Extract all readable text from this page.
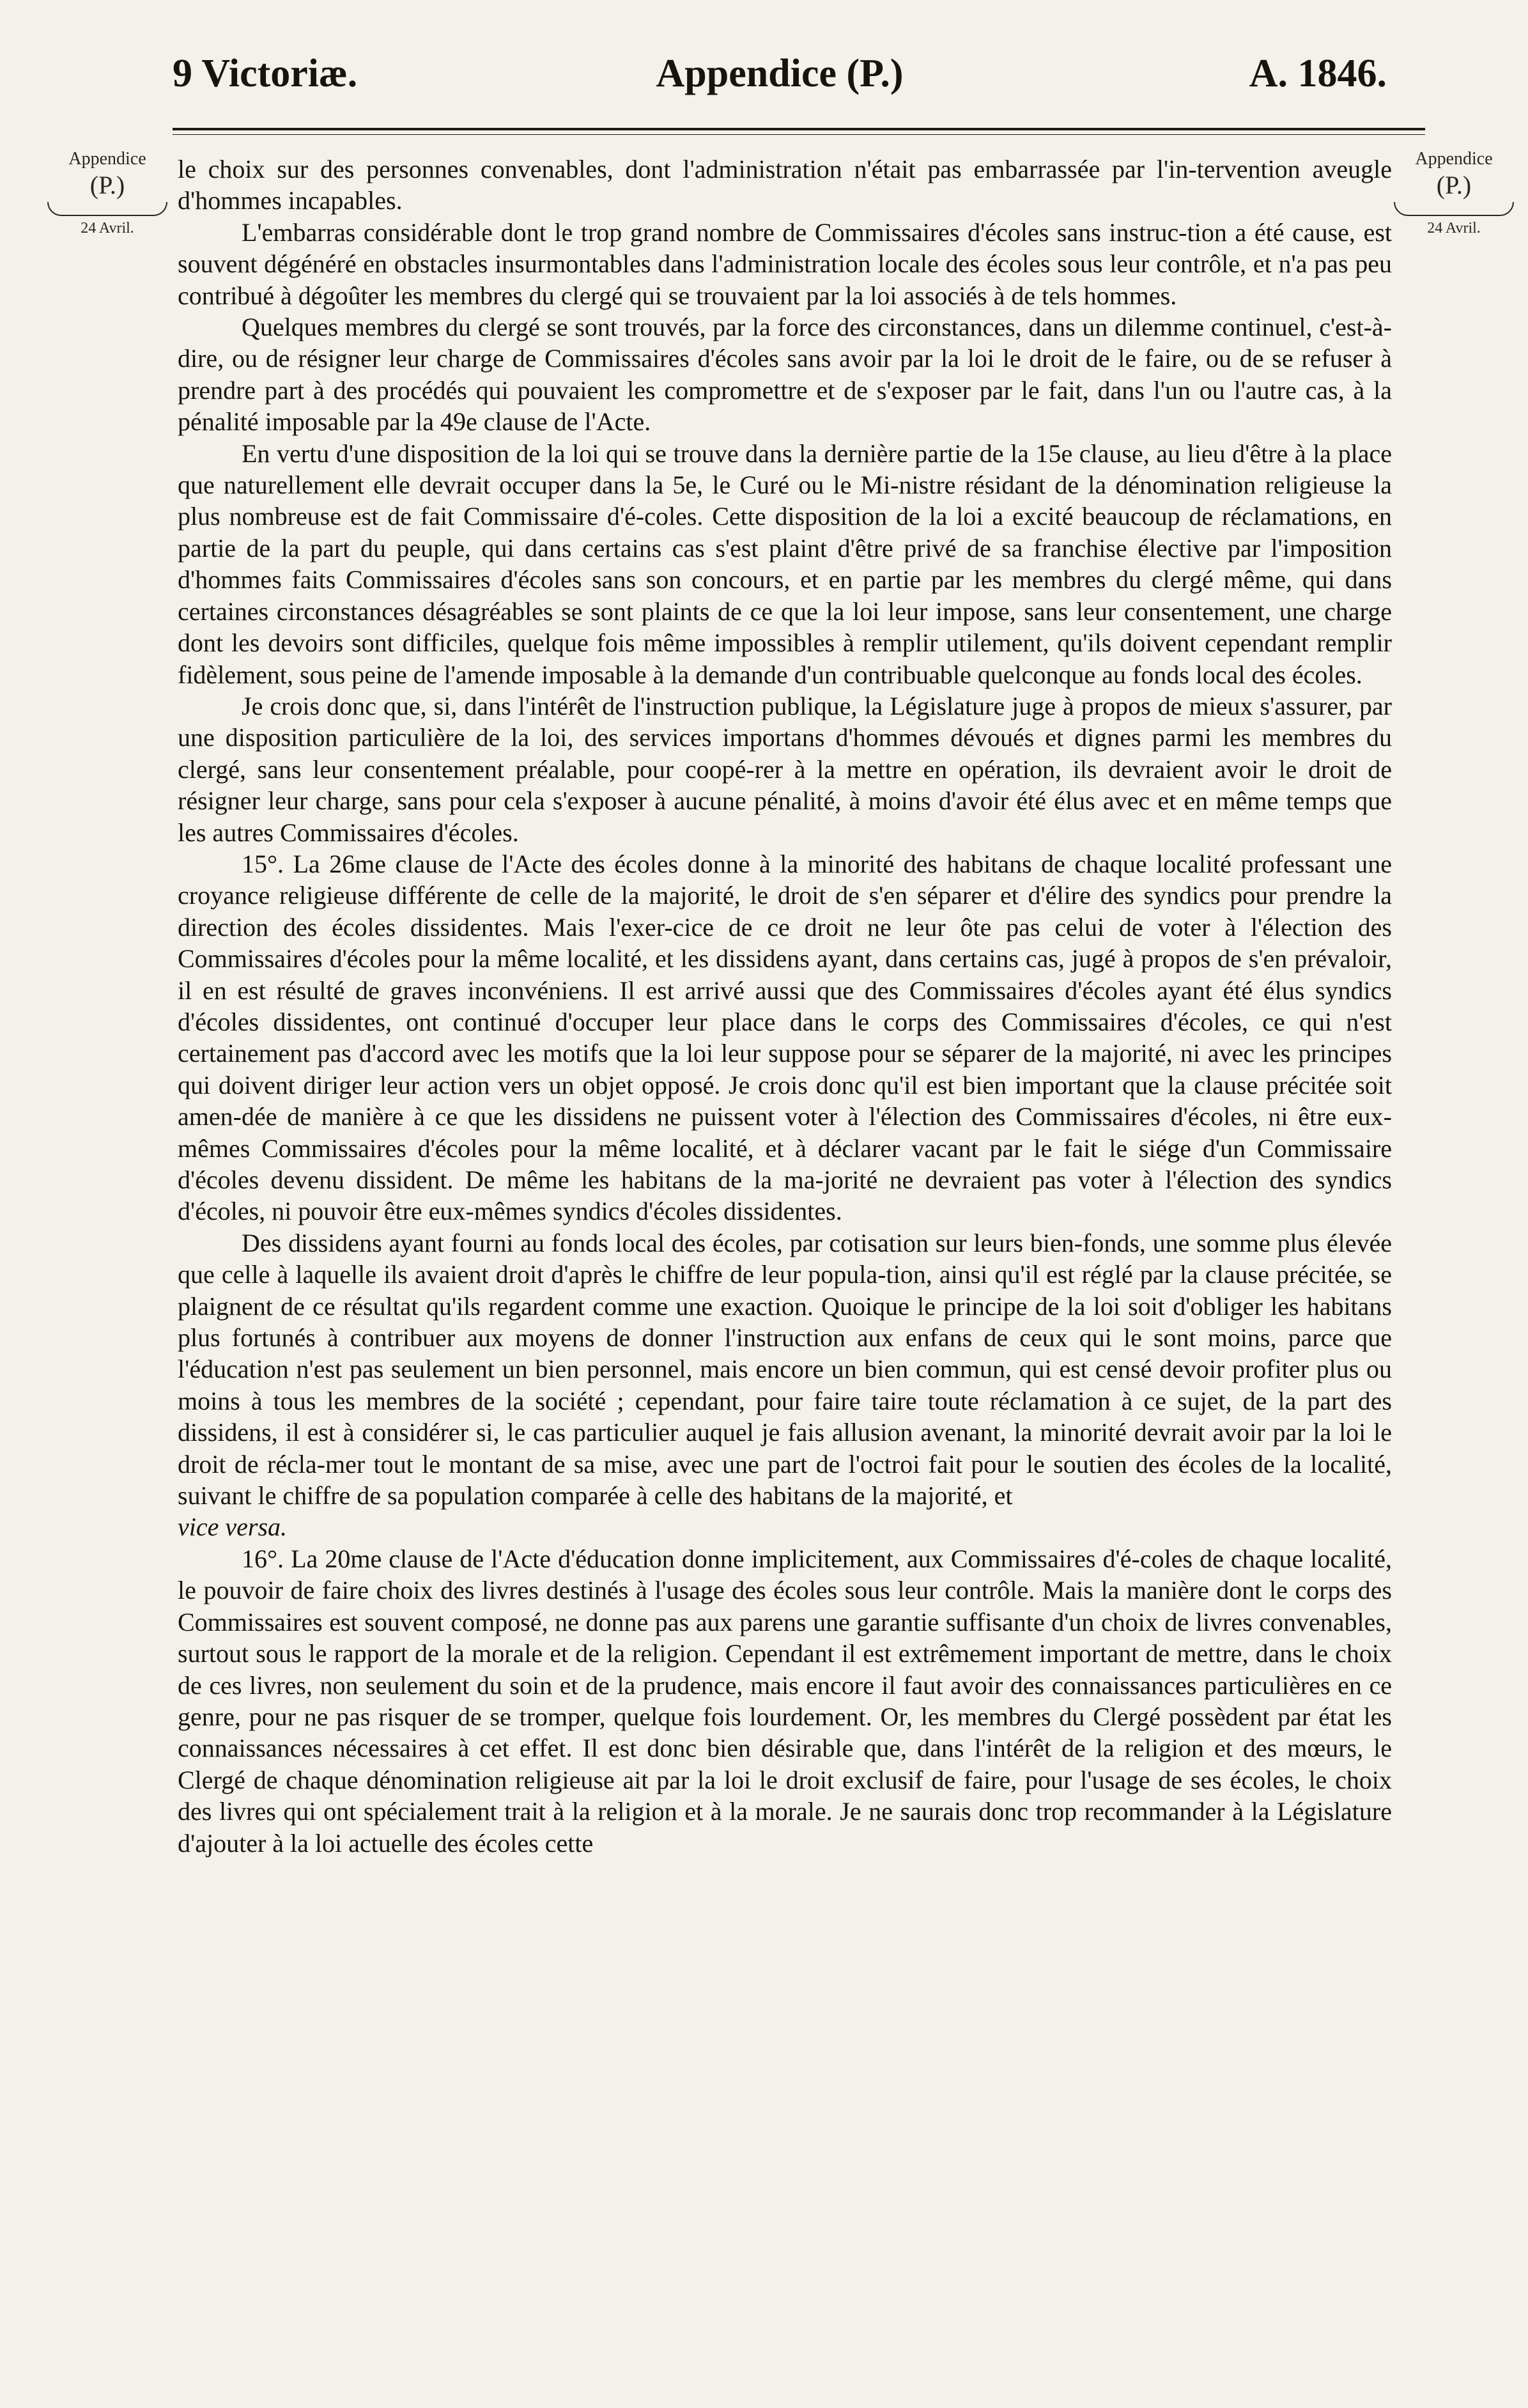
9 Victoriæ.	Appendice (P.)	A. 1846.
Appendice
(P.)
24 Avril.
Appendice
(P.)
24 Avril.

le choix sur des personnes convenables, dont l'administration n'était pas embarrassée par l'in-tervention aveugle d'hommes incapables.

L'embarras considérable dont le trop grand nombre de Commissaires d'écoles sans instruc-tion a été cause, est souvent dégénéré en obstacles insurmontables dans l'administration locale des écoles sous leur contrôle, et n'a pas peu contribué à dégoûter les membres du clergé qui se trouvaient par la loi associés à de tels hommes.

Quelques membres du clergé se sont trouvés, par la force des circonstances, dans un dilemme continuel, c'est-à-dire, ou de résigner leur charge de Commissaires d'écoles sans avoir par la loi le droit de le faire, ou de se refuser à prendre part à des procédés qui pouvaient les compromettre et de s'exposer par le fait, dans l'un ou l'autre cas, à la pénalité imposable par la 49e clause de l'Acte.

En vertu d'une disposition de la loi qui se trouve dans la dernière partie de la 15e clause, au lieu d'être à la place que naturellement elle devrait occuper dans la 5e, le Curé ou le Mi-nistre résidant de la dénomination religieuse la plus nombreuse est de fait Commissaire d'é-coles. Cette disposition de la loi a excité beaucoup de réclamations, en partie de la part du peuple, qui dans certains cas s'est plaint d'être privé de sa franchise élective par l'imposition d'hommes faits Commissaires d'écoles sans son concours, et en partie par les membres du clergé même, qui dans certaines circonstances désagréables se sont plaints de ce que la loi leur impose, sans leur consentement, une charge dont les devoirs sont difficiles, quelque fois même impossibles à remplir utilement, qu'ils doivent cependant remplir fidèlement, sous peine de l'amende imposable à la demande d'un contribuable quelconque au fonds local des écoles.

Je crois donc que, si, dans l'intérêt de l'instruction publique, la Législature juge à propos de mieux s'assurer, par une disposition particulière de la loi, des services importans d'hommes dévoués et dignes parmi les membres du clergé, sans leur consentement préalable, pour coopé-rer à la mettre en opération, ils devraient avoir le droit de résigner leur charge, sans pour cela s'exposer à aucune pénalité, à moins d'avoir été élus avec et en même temps que les autres Commissaires d'écoles.

15°. La 26me clause de l'Acte des écoles donne à la minorité des habitans de chaque localité professant une croyance religieuse différente de celle de la majorité, le droit de s'en séparer et d'élire des syndics pour prendre la direction des écoles dissidentes. Mais l'exer-cice de ce droit ne leur ôte pas celui de voter à l'élection des Commissaires d'écoles pour la même localité, et les dissidens ayant, dans certains cas, jugé à propos de s'en prévaloir, il en est résulté de graves inconvéniens. Il est arrivé aussi que des Commissaires d'écoles ayant été élus syndics d'écoles dissidentes, ont continué d'occuper leur place dans le corps des Commissaires d'écoles, ce qui n'est certainement pas d'accord avec les motifs que la loi leur suppose pour se séparer de la majorité, ni avec les principes qui doivent diriger leur action vers un objet opposé. Je crois donc qu'il est bien important que la clause précitée soit amen-dée de manière à ce que les dissidens ne puissent voter à l'élection des Commissaires d'écoles, ni être eux-mêmes Commissaires d'écoles pour la même localité, et à déclarer vacant par le fait le siége d'un Commissaire d'écoles devenu dissident. De même les habitans de la ma-jorité ne devraient pas voter à l'élection des syndics d'écoles, ni pouvoir être eux-mêmes syndics d'écoles dissidentes.

Des dissidens ayant fourni au fonds local des écoles, par cotisation sur leurs bien-fonds, une somme plus élevée que celle à laquelle ils avaient droit d'après le chiffre de leur popula-tion, ainsi qu'il est réglé par la clause précitée, se plaignent de ce résultat qu'ils regardent comme une exaction. Quoique le principe de la loi soit d'obliger les habitans plus fortunés à contribuer aux moyens de donner l'instruction aux enfans de ceux qui le sont moins, parce que l'éducation n'est pas seulement un bien personnel, mais encore un bien commun, qui est censé devoir profiter plus ou moins à tous les membres de la société ; cependant, pour faire taire toute réclamation à ce sujet, de la part des dissidens, il est à considérer si, le cas particulier auquel je fais allusion avenant, la minorité devrait avoir par la loi le droit de récla-mer tout le montant de sa mise, avec une part de l'octroi fait pour le soutien des écoles de la localité, suivant le chiffre de sa population comparée à celle des habitans de la majorité, et

vice versa.

16°. La 20me clause de l'Acte d'éducation donne implicitement, aux Commissaires d'é-coles de chaque localité, le pouvoir de faire choix des livres destinés à l'usage des écoles sous leur contrôle. Mais la manière dont le corps des Commissaires est souvent composé, ne donne pas aux parens une garantie suffisante d'un choix de livres convenables, surtout sous le rapport de la morale et de la religion. Cependant il est extrêmement important de mettre, dans le choix de ces livres, non seulement du soin et de la prudence, mais encore il faut avoir des connaissances particulières en ce genre, pour ne pas risquer de se tromper, quelque fois lourdement. Or, les membres du Clergé possèdent par état les connaissances nécessaires à cet effet. Il est donc bien désirable que, dans l'intérêt de la religion et des mœurs, le Clergé de chaque dénomination religieuse ait par la loi le droit exclusif de faire, pour l'usage de ses écoles, le choix des livres qui ont spécialement trait à la religion et à la morale. Je ne saurais donc trop recommander à la Législature d'ajouter à la loi actuelle des écoles cette
